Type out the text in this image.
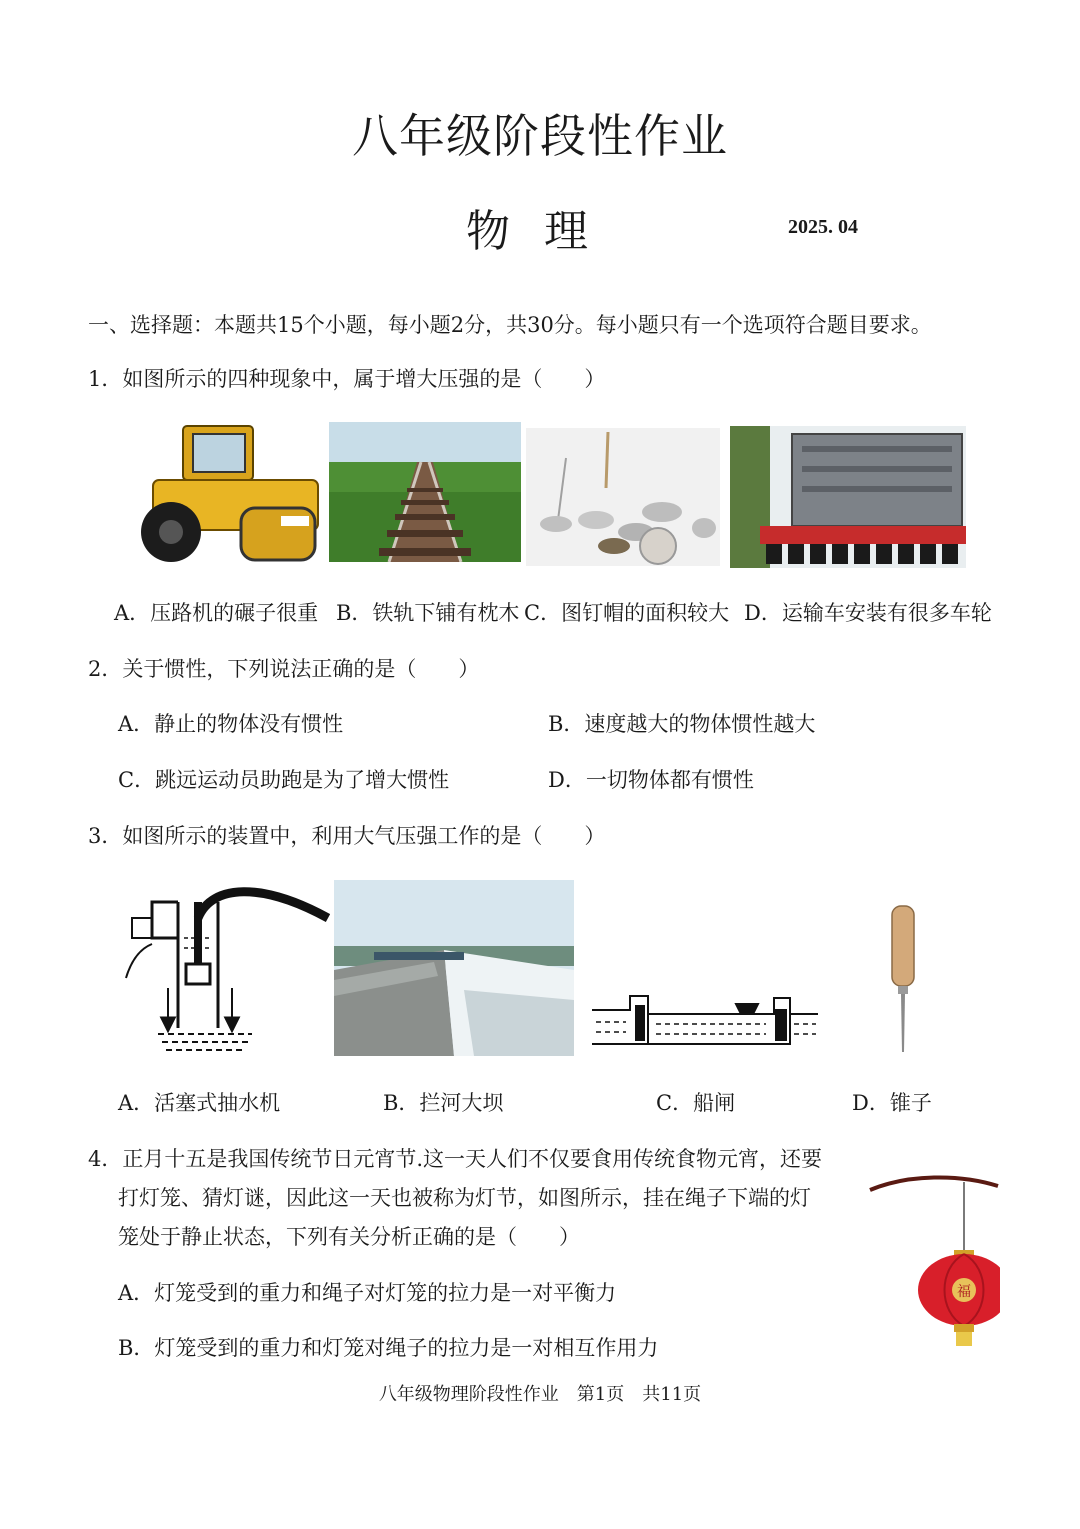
八年级阶段性作业
物理	2025. 04
一、选择题：本题共15个小题，每小题2分，共30分。每小题只有一个选项符合题目要求。
1．如图所示的四种现象中，属于增大压强的是（　　）
A．压路机的碾子很重 B．铁轨下铺有枕木 C．图钉帽的面积较大 D．运输车安装有很多车轮
2．关于惯性，下列说法正确的是（　　）
A．静止的物体没有惯性	B．速度越大的物体惯性越大
C．跳远运动员助跑是为了增大惯性	D．一切物体都有惯性
3．如图所示的装置中，利用大气压强工作的是（　　）
A．活塞式抽水机	B．拦河大坝	C．船闸	D．锥子
4．正月十五是我国传统节日元宵节.这一天人们不仅要食用传统食物元宵，还要
打灯笼、猜灯谜，因此这一天也被称为灯节，如图所示，挂在绳子下端的灯
笼处于静止状态，下列有关分析正确的是（　　）
A．灯笼受到的重力和绳子对灯笼的拉力是一对平衡力
B．灯笼受到的重力和灯笼对绳子的拉力是一对相互作用力
福
八年级物理阶段性作业　第1页　共11页
